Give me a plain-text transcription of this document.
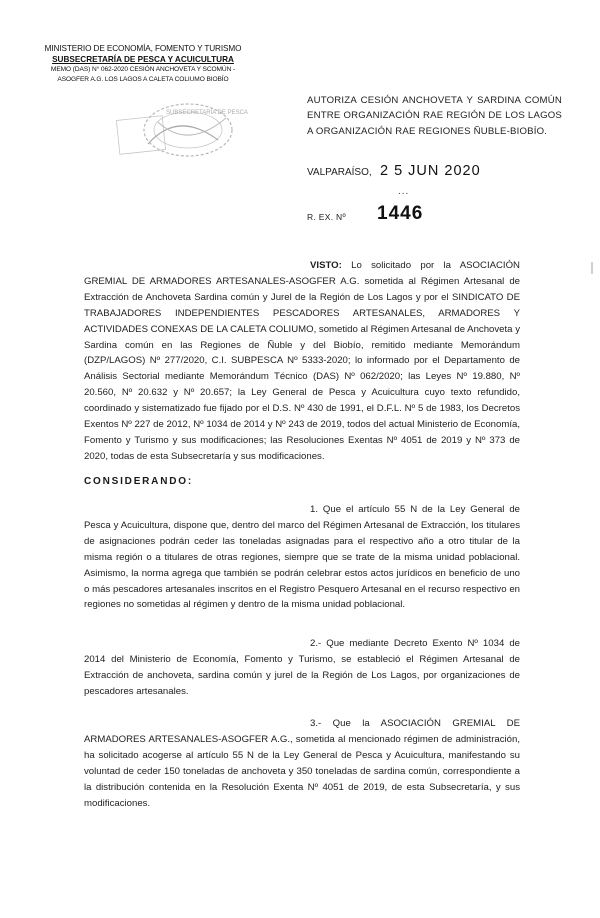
MINISTERIO DE ECONOMÍA, FOMENTO Y TURISMO
SUBSECRETARÍA DE PESCA Y ACUICULTURA
MEMO (DAS) N° 062-2020 CESIÓN ANCHOVETA Y SCOMÚN -
ASOGFER A.G. LOS LAGOS A CALETA COLIUMO BIOBÍO
SUBSECRETARÍA DE PESCA
AUTORIZA CESIÓN ANCHOVETA Y SARDINA COMÚN ENTRE ORGANIZACIÓN RAE REGIÓN DE LOS LAGOS A ORGANIZACIÓN RAE REGIONES ÑUBLE-BIOBÍO.
VALPARAÍSO, 2 5 JUN 2020
...
R. EX. Nº 1446
VISTO: Lo solicitado por la ASOCIACIÓN GREMIAL DE ARMADORES ARTESANALES-ASOGFER A.G. sometida al Régimen Artesanal de Extracción de Anchoveta Sardina común y Jurel de la Región de Los Lagos y por el SINDICATO DE TRABAJADORES INDEPENDIENTES PESCADORES ARTESANALES, ARMADORES Y ACTIVIDADES CONEXAS DE LA CALETA COLIUMO, sometido al Régimen Artesanal de Anchoveta y Sardina común en las Regiones de Ñuble y del Biobío, remitido mediante Memorándum (DZP/LAGOS) Nº 277/2020, C.I. SUBPESCA Nº 5333-2020; lo informado por el Departamento de Análisis Sectorial mediante Memorándum Técnico (DAS) Nº 062/2020; las Leyes Nº 19.880, Nº 20.560, Nº 20.632 y Nº 20.657; la Ley General de Pesca y Acuicultura cuyo texto refundido, coordinado y sistematizado fue fijado por el D.S. Nº 430 de 1991, el D.F.L. Nº 5 de 1983, los Decretos Exentos Nº 227 de 2012, Nº 1034 de 2014 y Nº 243 de 2019, todos del actual Ministerio de Economía, Fomento y Turismo y sus modificaciones; las Resoluciones Exentas Nº 4051 de 2019 y Nº 373 de 2020, todas de esta Subsecretaría y sus modificaciones.
CONSIDERANDO:
1. Que el artículo 55 N de la Ley General de Pesca y Acuicultura, dispone que, dentro del marco del Régimen Artesanal de Extracción, los titulares de asignaciones podrán ceder las toneladas asignadas para el respectivo año a otro titular de la misma región o a titulares de otras regiones, siempre que se trate de la misma unidad poblacional. Asimismo, la norma agrega que también se podrán celebrar estos actos jurídicos en beneficio de uno o más pescadores artesanales inscritos en el Registro Pesquero Artesanal en el recurso respectivo en regiones no sometidas al régimen y dentro de la misma unidad poblacional.
2.- Que mediante Decreto Exento Nº 1034 de 2014 del Ministerio de Economía, Fomento y Turismo, se estableció el Régimen Artesanal de Extracción de anchoveta, sardina común y jurel de la Región de Los Lagos, por organizaciones de pescadores artesanales.
3.- Que la ASOCIACIÓN GREMIAL DE ARMADORES ARTESANALES-ASOGFER A.G., sometida al mencionado régimen de administración, ha solicitado acogerse al artículo 55 N de la Ley General de Pesca y Acuicultura, manifestando su voluntad de ceder 150 toneladas de anchoveta y 350 toneladas de sardina común, correspondiente a la distribución contenida en la Resolución Exenta Nº 4051 de 2019, de esta Subsecretaría, y sus modificaciones.
